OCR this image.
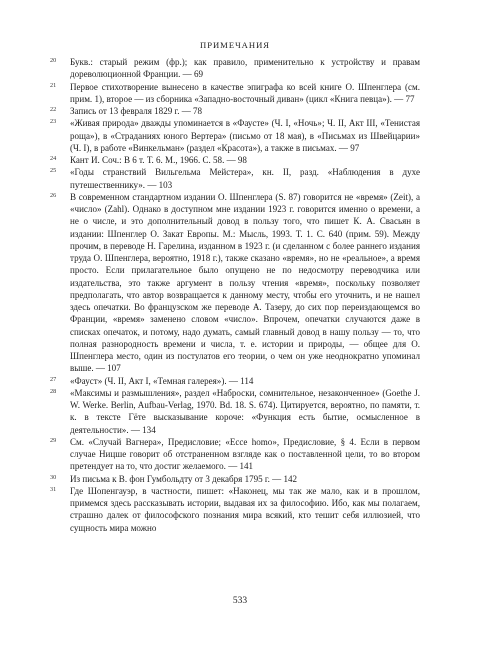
ПРИМЕЧАНИЯ
20	Букв.: старый режим (фр.); как правило, применительно к устройству и правам дореволюционной Франции. — 69
21	Первое стихотворение вынесено в качестве эпиграфа ко всей книге О. Шпенглера (см. прим. 1), второе — из сборника «Западно-восточный диван» (цикл «Книга певца»). — 77
22	Запись от 13 февраля 1829 г. — 78
23	«Живая природа» дважды упоминается в «Фаусте» (Ч. I, «Ночь»; Ч. II, Акт III, «Тенистая роща»), в «Страданиях юного Вертера» (письмо от 18 мая), в «Письмах из Швейцарии» (Ч. I), в работе «Винкельман» (раздел «Красота»), а также в письмах. — 97
24	Кант И. Соч.: В 6 т. Т. 6. М., 1966. С. 58. — 98
25	«Годы странствий Вильгельма Мейстера», кн. II, разд. «Наблюдения в духе путешественнику». — 103
26	В современном стандартном издании О. Шпенглера (S. 87) говорится не «время» (Zeit), а «число» (Zahl). Однако в доступном мне издании 1923 г. говорится именно о времени, а не о числе, и это дополнительный довод в пользу того, что пишет К. А. Свасьян в издании: Шпенглер О. Закат Европы. М.: Мысль, 1993. Т. 1. С. 640 (прим. 59). Между прочим, в переводе Н. Гарелина, изданном в 1923 г. (и сделанном с более раннего издания труда О. Шпенглера, вероятно, 1918 г.), также сказано «время», но не «реальное», а время просто. Если прилагательное было опущено не по недосмотру переводчика или издательства, это также аргумент в пользу чтения «время», поскольку позволяет предполагать, что автор возвращается к данному месту, чтобы его уточнить, и не нашел здесь опечатки. Во французском же переводе А. Тазеру, до сих пор переиздающемся во Франции, «время» заменено словом «число». Впрочем, опечатки случаются даже в списках опечаток, и потому, надо думать, самый главный довод в нашу пользу — то, что полная разнородность времени и числа, т. е. истории и природы, — общее для О. Шпенглера место, один из постулатов его теории, о чем он уже неоднократно упоминал выше. — 107
27	«Фауст» (Ч. II, Акт I, «Темная галерея»). — 114
28	«Максимы и размышления», раздел «Наброски, сомнительное, незаконченное» (Goethe J. W. Werke. Berlin, Aufbau-Verlag, 1970. Bd. 18. S. 674). Цитируется, вероятно, по памяти, т. к. в тексте Гёте высказывание короче: «Функция есть бытие, осмысленное в деятельности». — 134
29	См. «Случай Вагнера», Предисловие; «Ecce homo», Предисловие, § 4. Если в первом случае Ницше говорит об отстраненном взгляде как о поставленной цели, то во втором претендует на то, что достиг желаемого. — 141
30	Из письма к В. фон Гумбольдту от 3 декабря 1795 г. — 142
31	Где Шопенгауэр, в частности, пишет: «Наконец, мы так же мало, как и в прошлом, примемся здесь рассказывать истории, выдавая их за философию. Ибо, как мы полагаем, страшно далек от философского познания мира всякий, кто тешит себя иллюзией, что сущность мира можно
533
